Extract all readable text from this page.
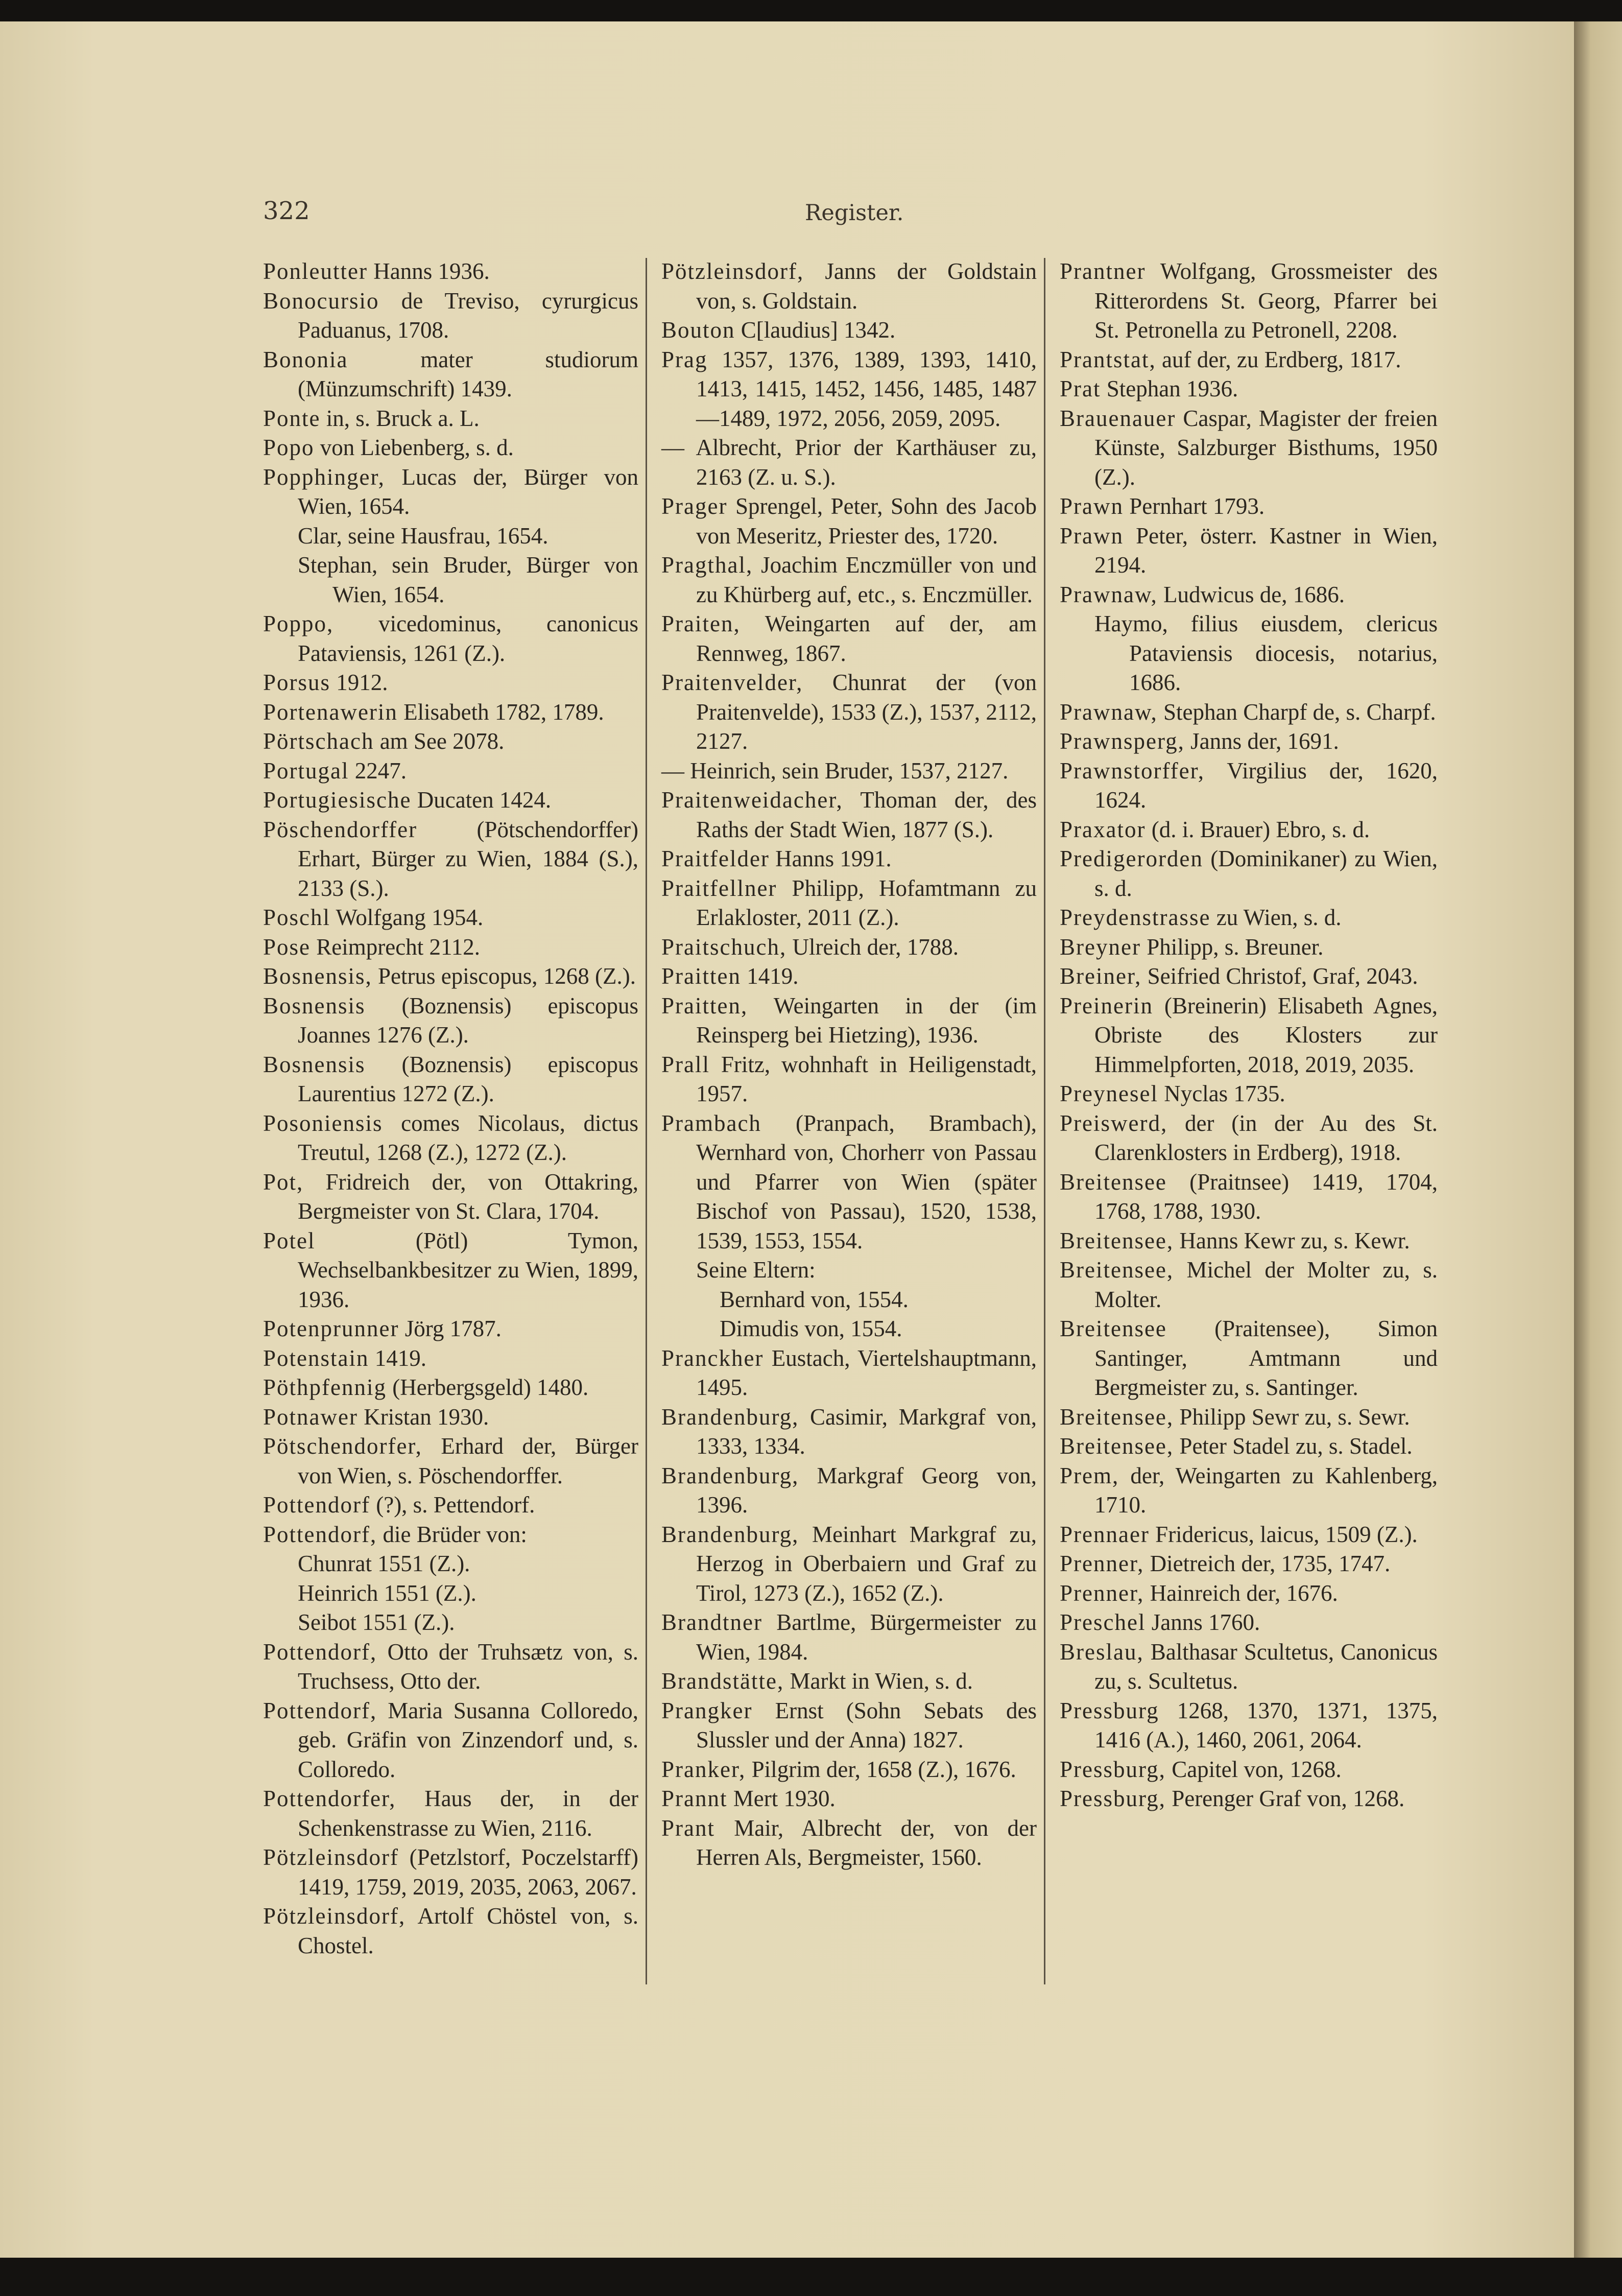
322	Register.

Ponleutter Hanns 1936.

Bonocursio de Treviso, cyrurgicus Paduanus, 1708.

Bononia mater studiorum (Münzumschrift) 1439.

Ponte in, s. Bruck a. L.

Popo von Liebenberg, s. d.

Popphinger, Lucas der, Bürger von Wien, 1654.

Clar, seine Hausfrau, 1654.

Stephan, sein Bruder, Bürger von Wien, 1654.

Poppo, vicedominus, canonicus Pataviensis, 1261 (Z.).

Porsus 1912.

Portenawerin Elisabeth 1782, 1789.

Pörtschach am See 2078.

Portugal 2247.

Portugiesische Ducaten 1424.

Pöschendorffer (Pötschendorffer) Erhart, Bürger zu Wien, 1884 (S.), 2133 (S.).

Poschl Wolfgang 1954.

Pose Reimprecht 2112.

Bosnensis, Petrus episcopus, 1268 (Z.).

Bosnensis (Boznensis) episcopus Joannes 1276 (Z.).

Bosnensis (Boznensis) episcopus Laurentius 1272 (Z.).

Posoniensis comes Nicolaus, dictus Treutul, 1268 (Z.), 1272 (Z.).

Pot, Fridreich der, von Ottakring, Bergmeister von St. Clara, 1704.

Potel (Pötl) Tymon, Wechselbankbesitzer zu Wien, 1899, 1936.

Potenprunner Jörg 1787.

Potenstain 1419.

Pöthpfennig (Herbergsgeld) 1480.

Potnawer Kristan 1930.

Pötschendorfer, Erhard der, Bürger von Wien, s. Pöschendorffer.

Pottendorf (?), s. Pettendorf.

Pottendorf, die Brüder von:

Chunrat 1551 (Z.).

Heinrich 1551 (Z.).

Seibot 1551 (Z.).

Pottendorf, Otto der Truhsætz von, s. Truchsess, Otto der.

Pottendorf, Maria Susanna Colloredo, geb. Gräfin von Zinzendorf und, s. Colloredo.

Pottendorfer, Haus der, in der Schenkenstrasse zu Wien, 2116.

Pötzleinsdorf (Petzlstorf, Poczelstarff) 1419, 1759, 2019, 2035, 2063, 2067.

Pötzleinsdorf, Artolf Chöstel von, s. Chostel.

Pötzleinsdorf, Janns der Goldstain von, s. Goldstain.

Bouton C[laudius] 1342.

Prag 1357, 1376, 1389, 1393, 1410, 1413, 1415, 1452, 1456, 1485, 1487—1489, 1972, 2056, 2059, 2095.

— Albrecht, Prior der Karthäuser zu, 2163 (Z. u. S.).

Prager Sprengel, Peter, Sohn des Jacob von Meseritz, Priester des, 1720.

Pragthal, Joachim Enczmüller von und zu Khürberg auf, etc., s. Enczmüller.

Praiten, Weingarten auf der, am Rennweg, 1867.

Praitenvelder, Chunrat der (von Praitenvelde), 1533 (Z.), 1537, 2112, 2127.

— Heinrich, sein Bruder, 1537, 2127.

Praitenweidacher, Thoman der, des Raths der Stadt Wien, 1877 (S.).

Praitfelder Hanns 1991.

Praitfellner Philipp, Hofamtmann zu Erlakloster, 2011 (Z.).

Praitschuch, Ulreich der, 1788.

Praitten 1419.

Praitten, Weingarten in der (im Reinsperg bei Hietzing), 1936.

Prall Fritz, wohnhaft in Heiligenstadt, 1957.

Prambach (Pranpach, Brambach), Wernhard von, Chorherr von Passau und Pfarrer von Wien (später Bischof von Passau), 1520, 1538, 1539, 1553, 1554.

Seine Eltern:

Bernhard von, 1554.

Dimudis von, 1554.

Pranckher Eustach, Viertelshauptmann, 1495.

Brandenburg, Casimir, Markgraf von, 1333, 1334.

Brandenburg, Markgraf Georg von, 1396.

Brandenburg, Meinhart Markgraf zu, Herzog in Oberbaiern und Graf zu Tirol, 1273 (Z.), 1652 (Z.).

Brandtner Bartlme, Bürgermeister zu Wien, 1984.

Brandstätte, Markt in Wien, s. d.

Prangker Ernst (Sohn Sebats des Slussler und der Anna) 1827.

Pranker, Pilgrim der, 1658 (Z.), 1676.

Prannt Mert 1930.

Prant Mair, Albrecht der, von der Herren Als, Bergmeister, 1560.

Prantner Wolfgang, Grossmeister des Ritterordens St. Georg, Pfarrer bei St. Petronella zu Petronell, 2208.

Prantstat, auf der, zu Erdberg, 1817.

Prat Stephan 1936.

Brauenauer Caspar, Magister der freien Künste, Salzburger Bisthums, 1950 (Z.).

Prawn Pernhart 1793.

Prawn Peter, österr. Kastner in Wien, 2194.

Prawnaw, Ludwicus de, 1686.

Haymo, filius eiusdem, clericus Pataviensis diocesis, notarius, 1686.

Prawnaw, Stephan Charpf de, s. Charpf.

Prawnsperg, Janns der, 1691.

Prawnstorffer, Virgilius der, 1620, 1624.

Praxator (d. i. Brauer) Ebro, s. d.

Predigerorden (Dominikaner) zu Wien, s. d.

Preydenstrasse zu Wien, s. d.

Breyner Philipp, s. Breuner.

Breiner, Seifried Christof, Graf, 2043.

Preinerin (Breinerin) Elisabeth Agnes, Obriste des Klosters zur Himmelpforten, 2018, 2019, 2035.

Preynesel Nyclas 1735.

Preiswerd, der (in der Au des St. Clarenklosters in Erdberg), 1918.

Breitensee (Praitnsee) 1419, 1704, 1768, 1788, 1930.

Breitensee, Hanns Kewr zu, s. Kewr.

Breitensee, Michel der Molter zu, s. Molter.

Breitensee (Praitensee), Simon Santinger, Amtmann und Bergmeister zu, s. Santinger.

Breitensee, Philipp Sewr zu, s. Sewr.

Breitensee, Peter Stadel zu, s. Stadel.

Prem, der, Weingarten zu Kahlenberg, 1710.

Prennaer Fridericus, laicus, 1509 (Z.).

Prenner, Dietreich der, 1735, 1747.

Prenner, Hainreich der, 1676.

Preschel Janns 1760.

Breslau, Balthasar Scultetus, Canonicus zu, s. Scultetus.

Pressburg 1268, 1370, 1371, 1375, 1416 (A.), 1460, 2061, 2064.

Pressburg, Capitel von, 1268.

Pressburg, Perenger Graf von, 1268.
